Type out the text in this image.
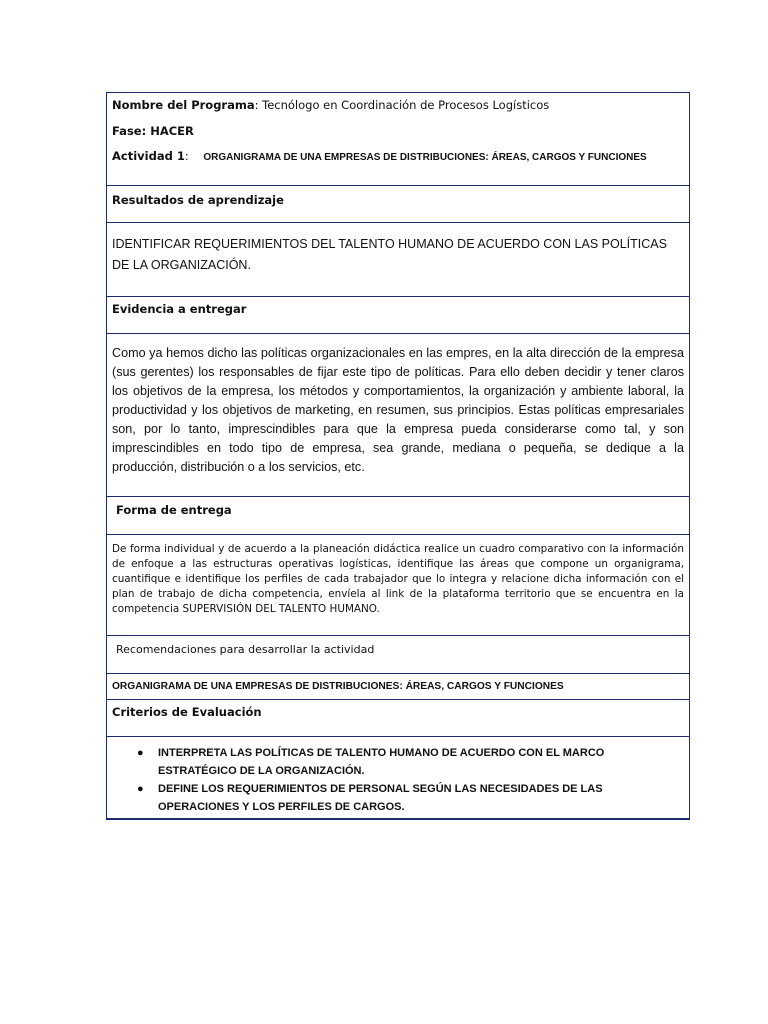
Nombre del Programa: Tecnólogo en Coordinación de Procesos Logísticos
Fase: HACER
Actividad 1: ORGANIGRAMA DE UNA EMPRESAS DE DISTRIBUCIONES: ÁREAS, CARGOS Y FUNCIONES
Resultados de aprendizaje
IDENTIFICAR REQUERIMIENTOS DEL TALENTO HUMANO DE ACUERDO CON LAS POLÍTICAS DE LA ORGANIZACIÓN.
Evidencia a entregar
Como ya hemos dicho las políticas organizacionales en las empres, en la alta dirección de la empresa (sus gerentes) los responsables de fijar este tipo de políticas. Para ello deben decidir y tener claros los objetivos de la empresa, los métodos y comportamientos, la organización y ambiente laboral, la productividad y los objetivos de marketing, en resumen, sus principios. Estas políticas empresariales son, por lo tanto, imprescindibles para que la empresa pueda considerarse como tal, y son imprescindibles en todo tipo de empresa, sea grande, mediana o pequeña, se dedique a la producción, distribución o a los servicios, etc.
Forma de entrega
De forma individual y de acuerdo a la planeación didáctica realice un cuadro comparativo con la información de enfoque a las estructuras operativas logísticas, identifique las áreas que compone un organigrama, cuantifique e identifique los perfiles de cada trabajador que lo integra y relacione dicha información con el plan de trabajo de dicha competencia, envíela al link de la plataforma territorio que se encuentra en la competencia SUPERVISIÓN DEL TALENTO HUMANO.
Recomendaciones para desarrollar la actividad
ORGANIGRAMA DE UNA EMPRESAS DE DISTRIBUCIONES: ÁREAS, CARGOS Y FUNCIONES
Criterios de Evaluación
● INTERPRETA LAS POLÍTICAS DE TALENTO HUMANO DE ACUERDO CON EL MARCO ESTRATÉGICO DE LA ORGANIZACIÓN.
● DEFINE LOS REQUERIMIENTOS DE PERSONAL SEGÚN LAS NECESIDADES DE LAS OPERACIONES Y LOS PERFILES DE CARGOS.
